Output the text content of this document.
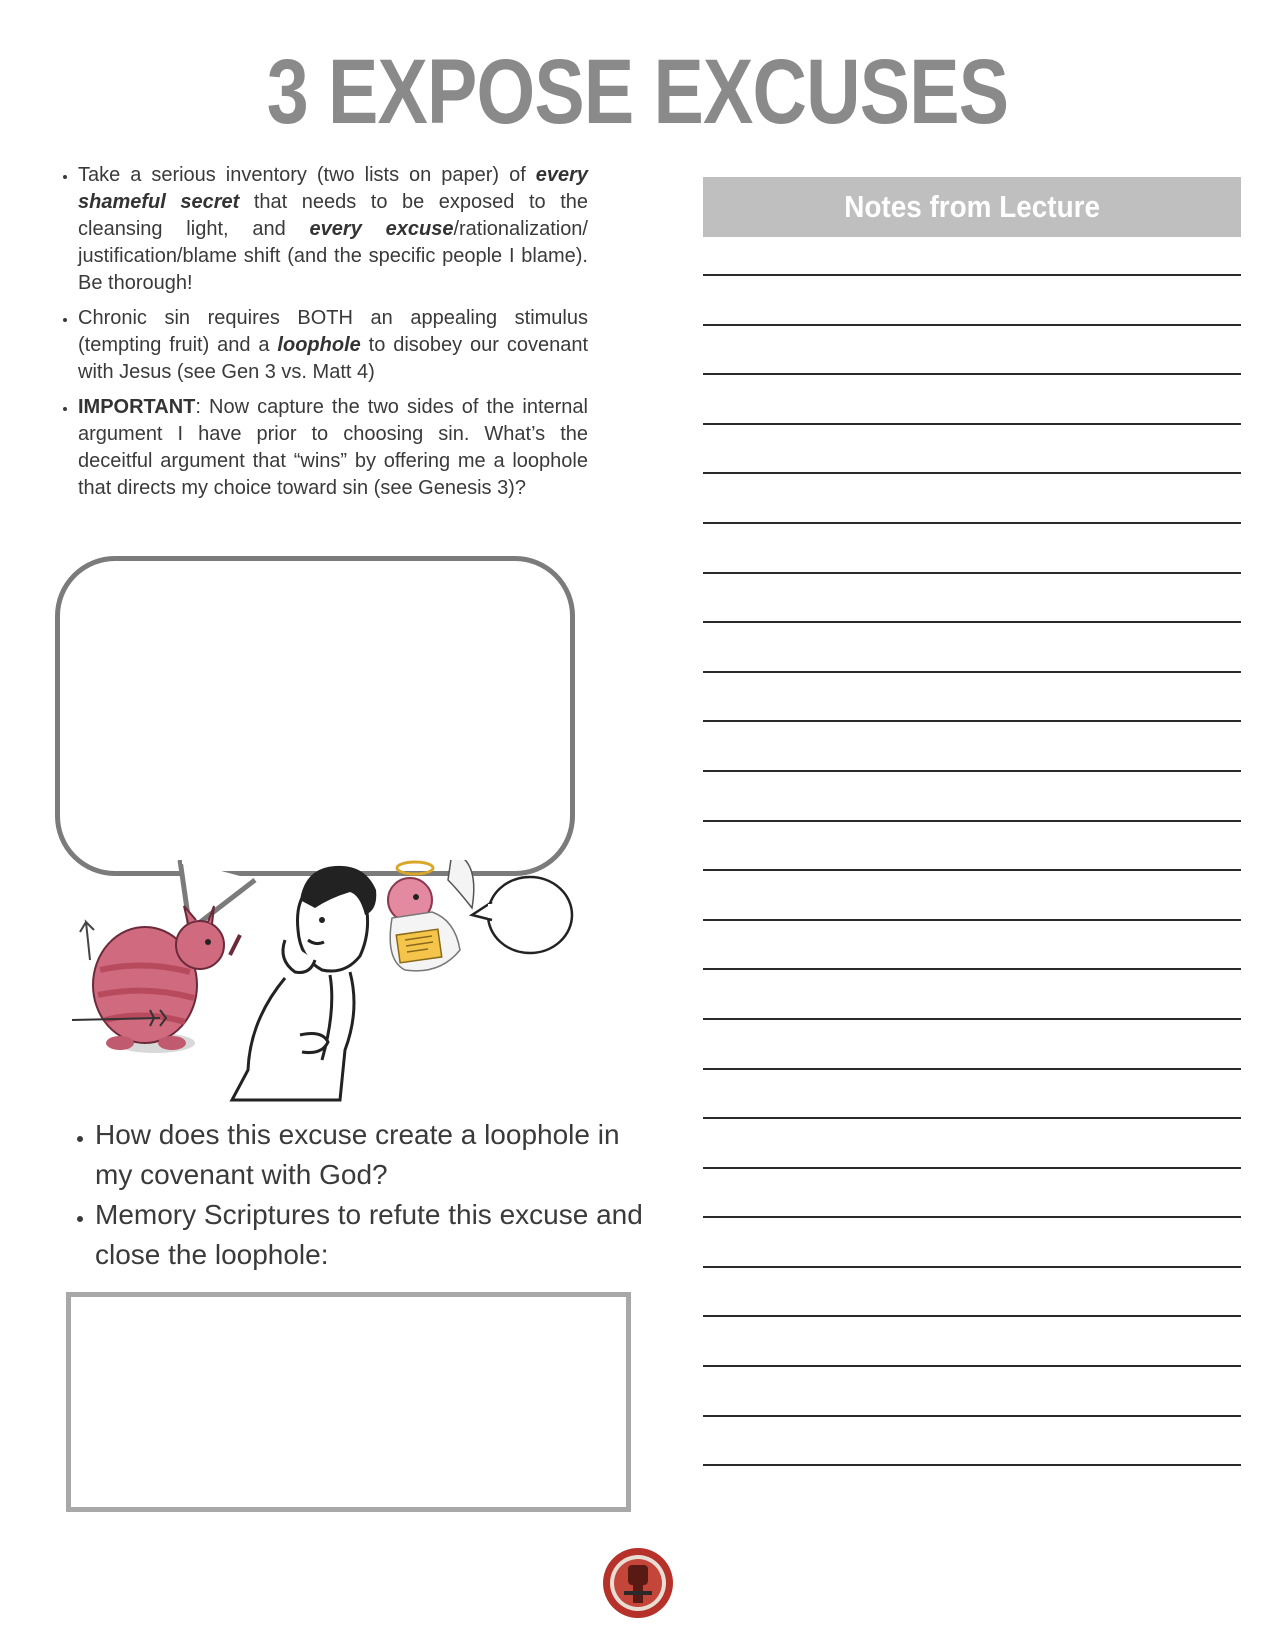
3 EXPOSE EXCUSES
• Take a serious inventory (two lists on paper) of every shameful secret that needs to be exposed to the cleansing light, and every excuse/rationalization/ justification/blame shift (and the specific people I blame). Be thorough!
• Chronic sin requires BOTH an appealing stimulus (tempting fruit) and a loophole to disobey our covenant with Jesus (see Gen 3 vs. Matt 4)
• IMPORTANT: Now capture the two sides of the internal argument I have prior to choosing sin. What’s the deceitful argument that “wins” by offering me a loophole that directs my choice toward sin (see Genesis 3)?
• How does this excuse create a loophole in my covenant with God?
• Memory Scriptures to refute this excuse and close the loophole:
Notes from Lecture
